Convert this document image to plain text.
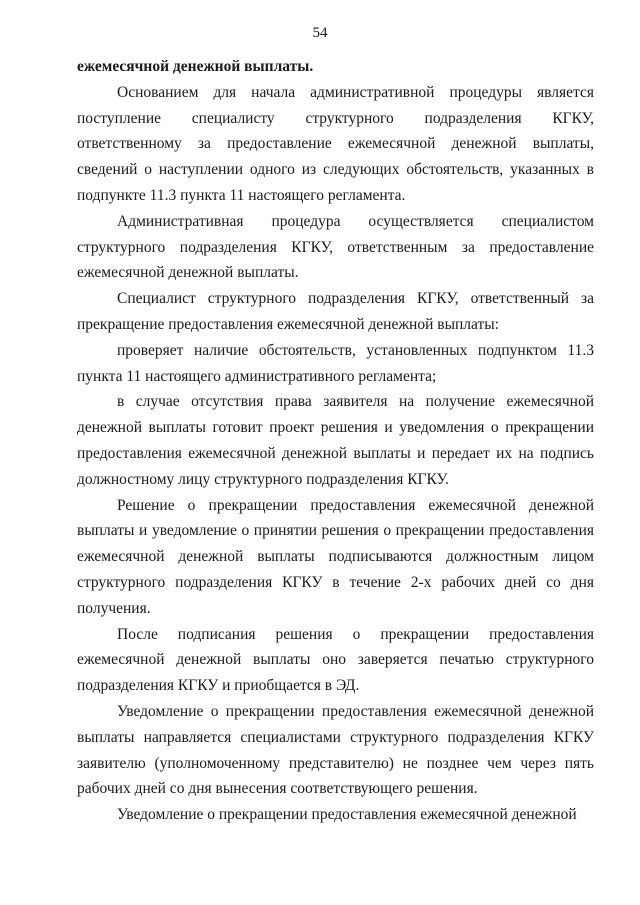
54

ежемесячной денежной выплаты.

Основанием для начала административной процедуры является поступление специалисту структурного подразделения КГКУ, ответственному за предоставление ежемесячной денежной выплаты, сведений о наступлении одного из следующих обстоятельств, указанных в подпункте 11.3 пункта 11 настоящего регламента.

Административная процедура осуществляется специалистом структурного подразделения КГКУ, ответственным за предоставление ежемесячной денежной выплаты.

Специалист структурного подразделения КГКУ, ответственный за прекращение предоставления ежемесячной денежной выплаты:

проверяет наличие обстоятельств, установленных подпунктом 11.3 пункта 11 настоящего административного регламента;

в случае отсутствия права заявителя на получение ежемесячной денежной выплаты готовит проект решения и уведомления о прекращении предоставления ежемесячной денежной выплаты и передает их на подпись должностному лицу структурного подразделения КГКУ.

Решение о прекращении предоставления ежемесячной денежной выплаты и уведомление о принятии решения о прекращении предоставления ежемесячной денежной выплаты подписываются должностным лицом структурного подразделения КГКУ в течение 2-х рабочих дней со дня получения.

После подписания решения о прекращении предоставления ежемесячной денежной выплаты оно заверяется печатью структурного подразделения КГКУ и приобщается в ЭД.

Уведомление о прекращении предоставления ежемесячной денежной выплаты направляется специалистами структурного подразделения КГКУ заявителю (уполномоченному представителю) не позднее чем через пять рабочих дней со дня вынесения соответствующего решения.

Уведомление о прекращении предоставления ежемесячной денежной
